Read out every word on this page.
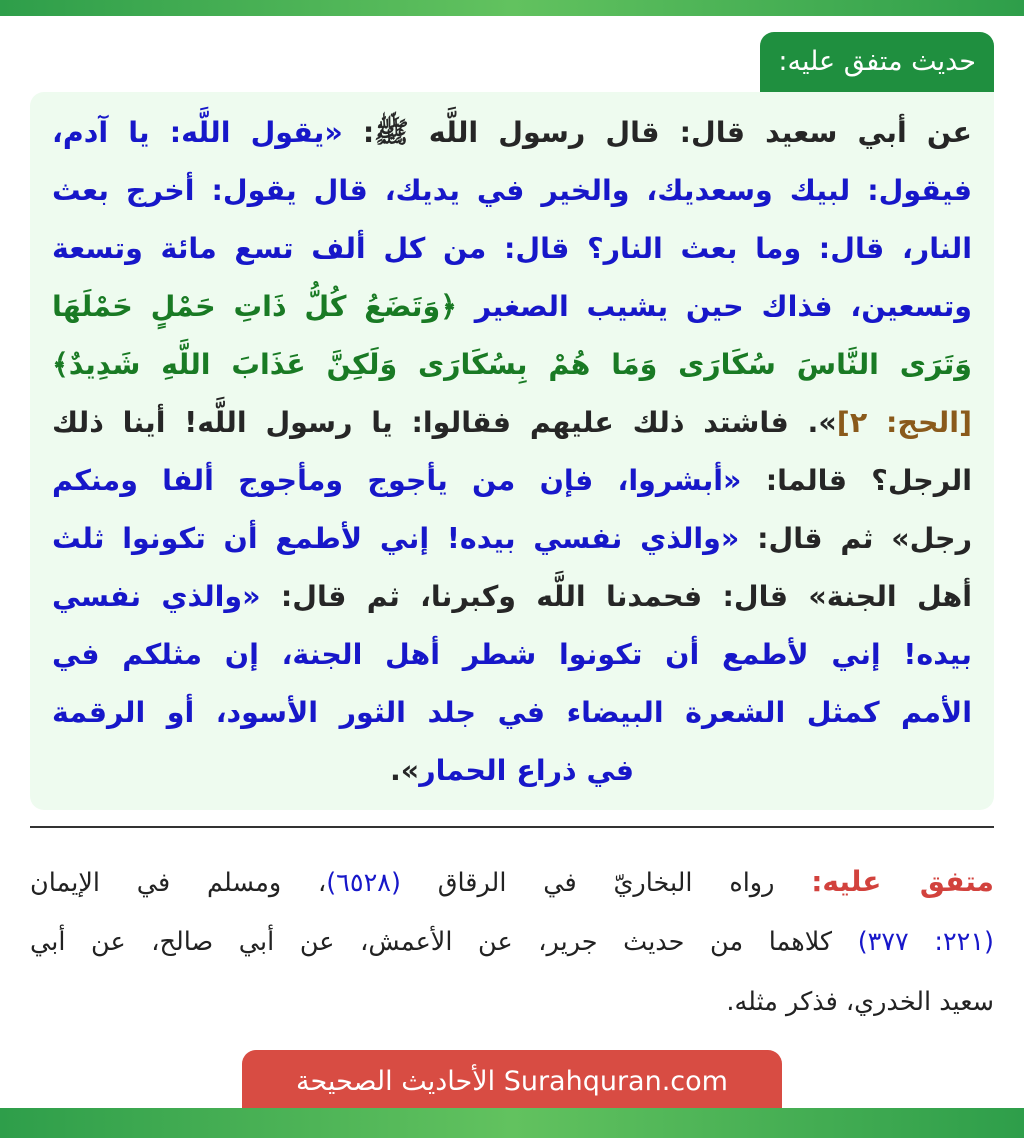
حديث متفق عليه:
عن أبي سعيد قال: قال رسول اللَّه ﷺ: «يقول اللَّه: يا آدم،
فيقول: لبيك وسعديك، والخير في يديك، قال يقول: أخرج بعث
النار، قال: وما بعث النار؟ قال: من كل ألف تسع مائة وتسعة
وتسعين، فذاك حين يشيب الصغير ﴿وَتَضَعُ كُلُّ ذَاتِ حَمْلٍ حَمْلَهَا
وَتَرَى النَّاسَ سُكَارَى وَمَا هُمْ بِسُكَارَى وَلَكِنَّ عَذَابَ اللَّهِ شَدِيدٌ﴾
[الحج: ٢]». فاشتد ذلك عليهم فقالوا: يا رسول اللَّه! أينا ذلك
الرجل؟ قالما: «أبشروا، فإن من يأجوج ومأجوج ألفا ومنكم
رجل» ثم قال: «والذي نفسي بيده! إني لأطمع أن تكونوا ثلث
أهل الجنة» قال: فحمدنا اللَّه وكبرنا، ثم قال: «والذي نفسي
بيده! إني لأطمع أن تكونوا شطر أهل الجنة، إن مثلكم في
الأمم كمثل الشعرة البيضاء في جلد الثور الأسود، أو الرقمة
في ذراع الحمار».
متفق عليه: رواه البخاريّ في الرقاق (٦٥٢٨)، ومسلم في الإيمان
(٢٢١: ٣٧٧) كلاهما من حديث جرير، عن الأعمش، عن أبي صالح، عن أبي
سعيد الخدري، فذكر مثله.
الأحاديث الصحيحة Surahquran.com
